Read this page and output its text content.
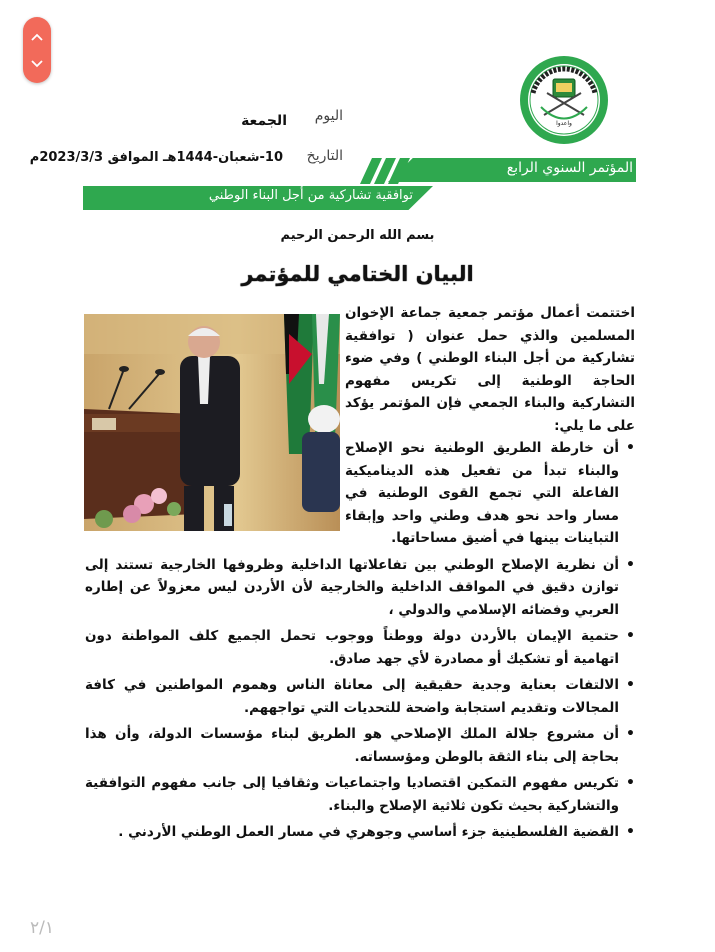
واعدوا
اليوم
الجمعة
التاريخ
10-شعبان-1444هـ الموافق 2023/3/3م
المؤتمر السنوي الرابع
توافقية تشاركية من أجل البناء الوطني
بسم الله الرحمن الرحيم
البيان الختامي للمؤتمر
اختتمت أعمال مؤتمر جمعية جماعة الإخوان المسلمين والذي حمل عنوان ( توافقية تشاركية من أجل البناء الوطني ) وفي ضوء الحاجة الوطنية إلى تكريس مفهوم التشاركية والبناء الجمعي فإن المؤتمر يؤكد على ما يلي:
• أن خارطة الطريق الوطنية نحو الإصلاح والبناء تبدأ من تفعيل هذه الديناميكية الفاعلة التي تجمع القوى الوطنية في مسار واحد نحو هدف وطني واحد وإبقاء التباينات بينها في أضيق مساحاتها.
• أن نظرية الإصلاح الوطني بين تفاعلاتها الداخلية وظروفها الخارجية تستند إلى توازن دقيق في المواقف الداخلية والخارجية لأن الأردن ليس معزولاً عن إطاره العربي وفضائه الإسلامي والدولي ،
• حتمية الإيمان بالأردن دولة ووطناً ووجوب تحمل الجميع كلف المواطنة دون اتهامية أو تشكيك أو مصادرة لأي جهد صادق.
• الالتفات بعناية وجدية حقيقية إلى معاناة الناس وهموم المواطنين في كافة المجالات وتقديم استجابة واضحة للتحديات التي تواجههم.
• أن مشروع جلالة الملك الإصلاحي هو الطريق لبناء مؤسسات الدولة، وأن هذا بحاجة إلى بناء الثقة بالوطن ومؤسساته.
• تكريس مفهوم التمكين اقتصاديا واجتماعيات وثقافيا إلى جانب مفهوم التوافقية والتشاركية بحيث تكون ثلاثية الإصلاح والبناء.
• القضية الفلسطينية جزء أساسي وجوهري في مسار العمل الوطني الأردني .
٢/١
